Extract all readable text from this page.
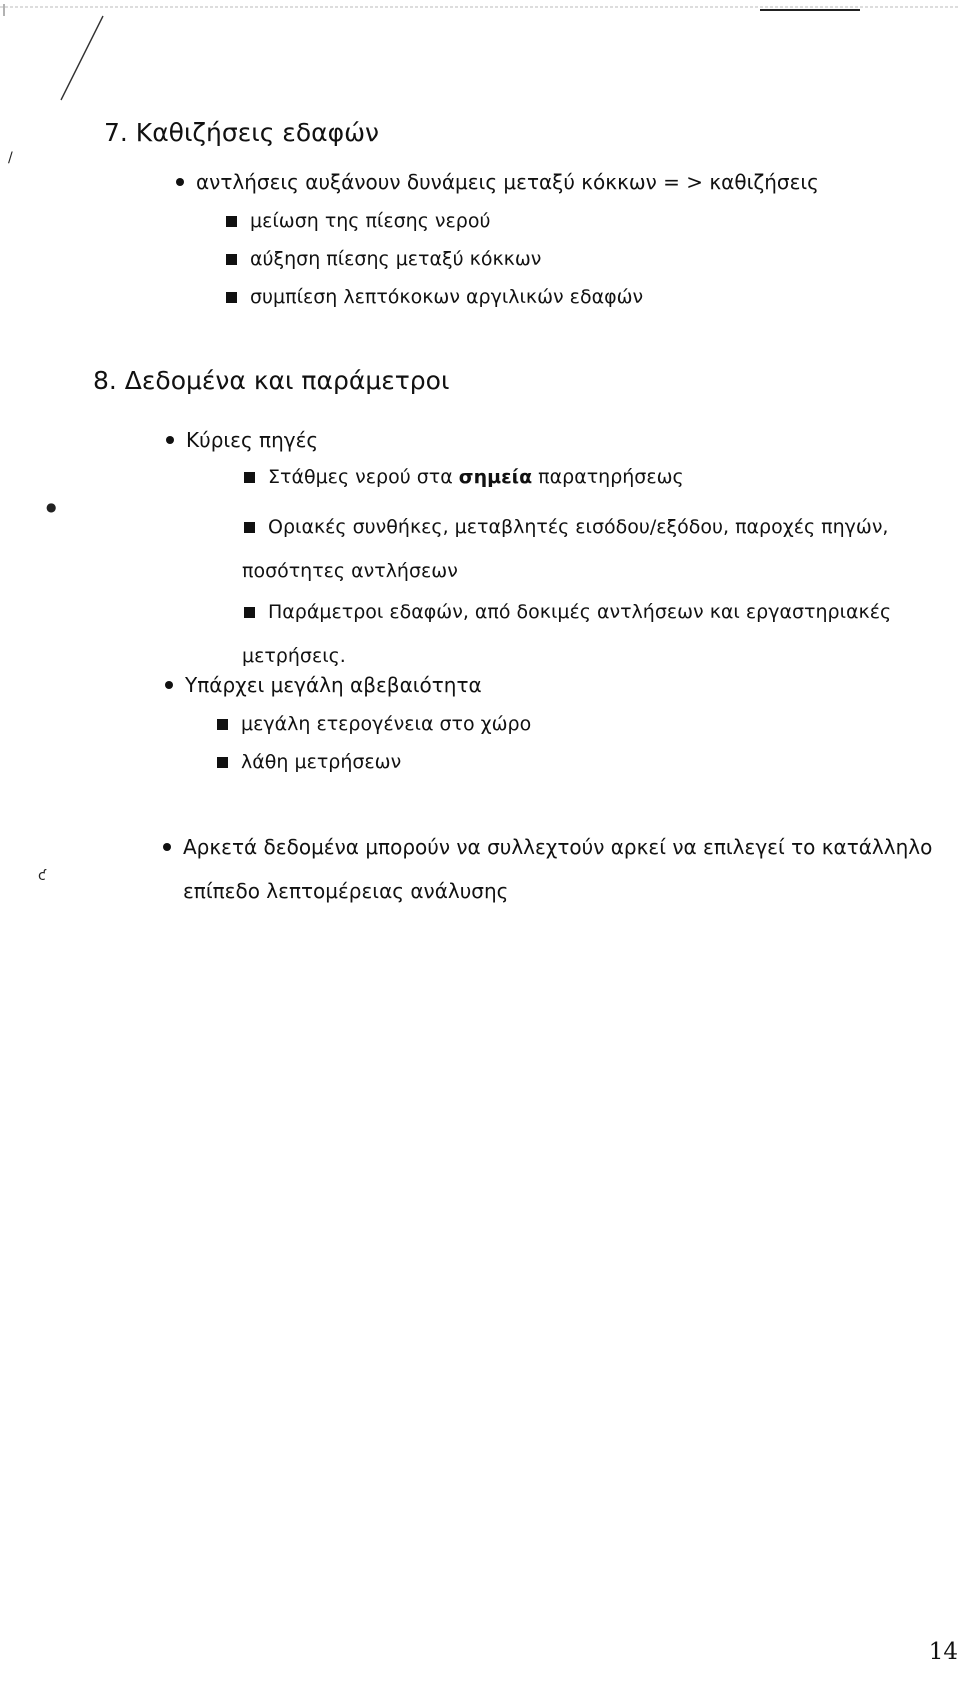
/
●
ƈ
7. Καθιζήσεις εδαφών
αντλήσεις αυξάνουν δυνάμεις μεταξύ κόκκων = > καθιζήσεις
μείωση της πίεσης νερού
αύξηση πίεσης μεταξύ κόκκων
συμπίεση λεπτόκοκων αργιλικών εδαφών
8. Δεδομένα και παράμετροι
Κύριες πηγές
Στάθμες νερού στα σημεία παρατηρήσεως
Οριακές συνθήκες, μεταβλητές εισόδου/εξόδου, παροχές πηγών,
ποσότητες αντλήσεων
Παράμετροι εδαφών, από δοκιμές αντλήσεων και εργαστηριακές
μετρήσεις.
Υπάρχει μεγάλη αβεβαιότητα
μεγάλη ετερογένεια στο χώρο
λάθη μετρήσεων
Αρκετά δεδομένα μπορούν να συλλεχτούν αρκεί να επιλεγεί το κατάλληλο
επίπεδο λεπτομέρειας ανάλυσης
14
